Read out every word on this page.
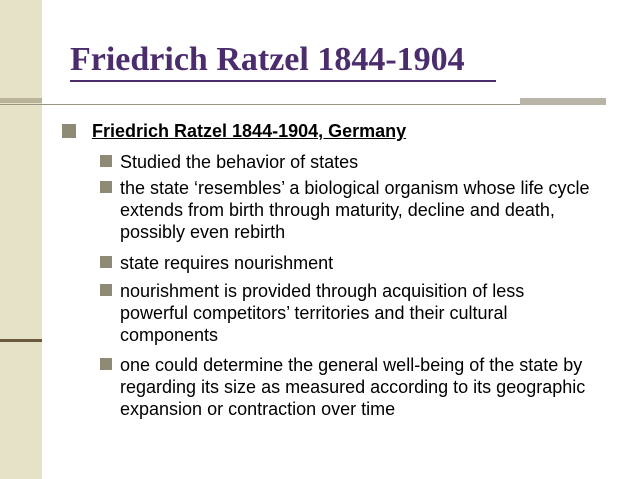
Friedrich Ratzel 1844-1904
Friedrich Ratzel 1844-1904, Germany
Studied the behavior of states
the state ‘resembles’ a biological organism whose life cycle extends from birth through maturity, decline and death, possibly even rebirth
state requires nourishment
nourishment is provided through acquisition of less powerful competitors’ territories and their cultural components
one could determine the general well-being of the state by regarding its size as measured according to its geographic expansion or contraction over time
